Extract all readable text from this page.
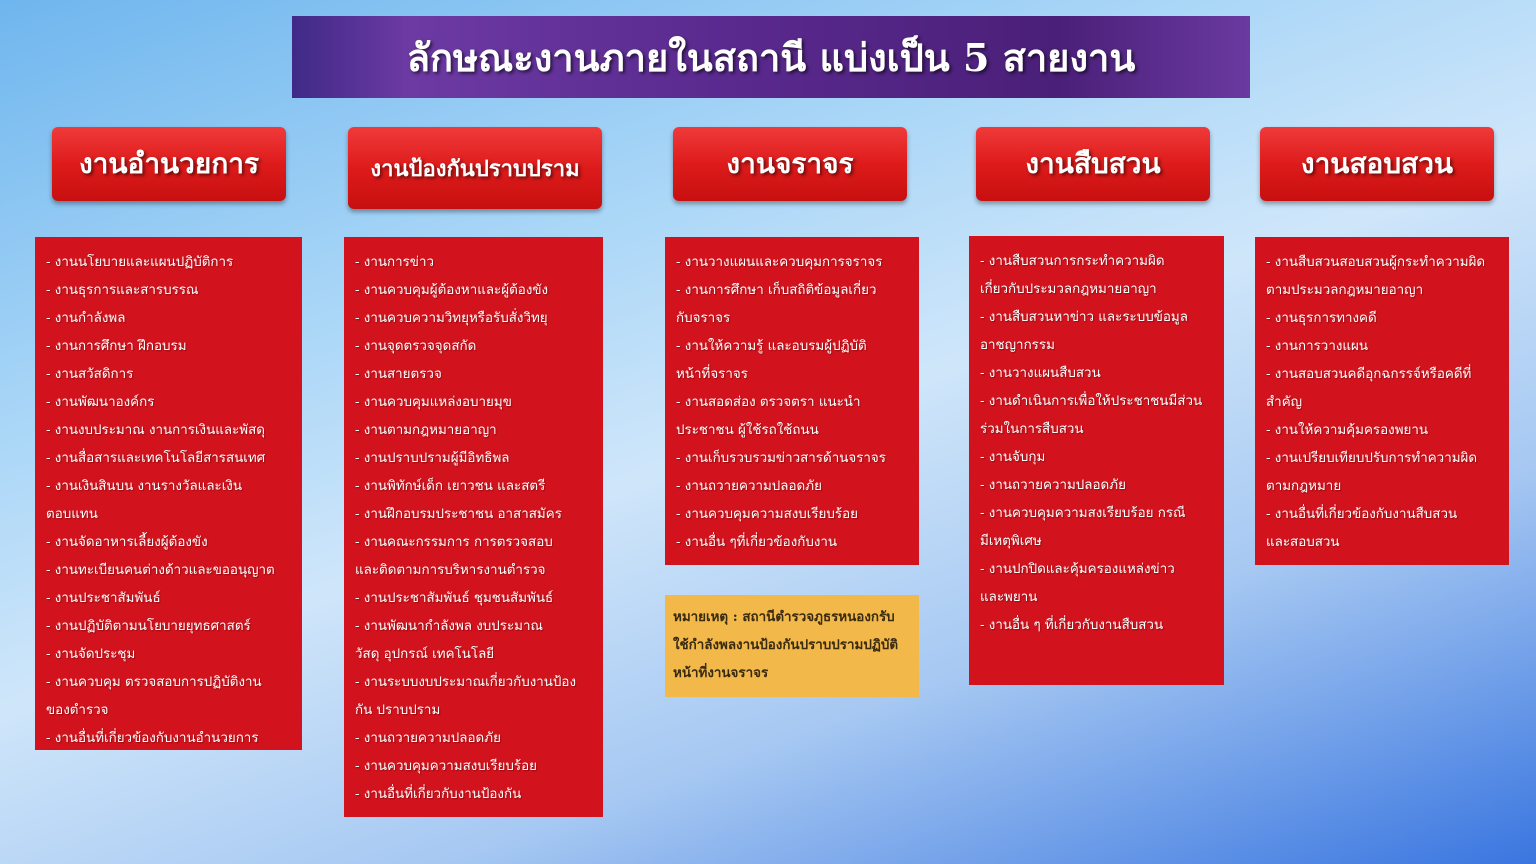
ลักษณะงานภายในสถานี แบ่งเป็น 5 สายงาน
งานอำนวยการ	งานป้องกันปราบปราม	งานจราจร	งานสืบสวน	งานสอบสวน
- งานนโยบายและแผนปฏิบัติการ
- งานธุรการและสารบรรณ
- งานกำลังพล
- งานการศึกษา ฝึกอบรม
- งานสวัสดิการ
- งานพัฒนาองค์กร
- งานงบประมาณ งานการเงินและพัสดุ
- งานสื่อสารและเทคโนโลยีสารสนเทศ
- งานเงินสินบน งานรางวัลและเงินตอบแทน
- งานจัดอาหารเลี้ยงผู้ต้องขัง
- งานทะเบียนคนต่างด้าวและขออนุญาต
- งานประชาสัมพันธ์
- งานปฏิบัติตามนโยบายยุทธศาสตร์
- งานจัดประชุม
- งานควบคุม ตรวจสอบการปฏิบัติงาน
ของตำรวจ
- งานอื่นที่เกี่ยวข้องกับงานอำนวยการ
- งานการข่าว
- งานควบคุมผู้ต้องหาและผู้ต้องขัง
- งานควบความวิทยุหรือรับสั่งวิทยุ
- งานจุดตรวจจุดสกัด
- งานสายตรวจ
- งานควบคุมแหล่งอบายมุข
- งานตามกฎหมายอาญา
- งานปราบปรามผู้มีอิทธิพล
- งานพิทักษ์เด็ก เยาวชน และสตรี
- งานฝึกอบรมประชาชน อาสาสมัคร
- งานคณะกรรมการ การตรวจสอบ
และติดตามการบริหารงานตำรวจ
- งานประชาสัมพันธ์ ชุมชนสัมพันธ์
- งานพัฒนากำลังพล งบประมาณ
วัสดุ อุปกรณ์ เทคโนโลยี
- งานระบบงบประมาณเกี่ยวกับงานป้อง
กัน ปราบปราม
- งานถวายความปลอดภัย
- งานควบคุมความสงบเรียบร้อย
- งานอื่นที่เกี่ยวกับงานป้องกัน
- งานวางแผนและควบคุมการจราจร
- งานการศึกษา เก็บสถิติข้อมูลเกี่ยว
กับจราจร
- งานให้ความรู้ และอบรมผู้ปฏิบัติ
หน้าที่จราจร
- งานสอดส่อง ตรวจตรา แนะนำ
ประชาชน ผู้ใช้รถใช้ถนน
- งานเก็บรวบรวมข่าวสารด้านจราจร
- งานถวายความปลอดภัย
- งานควบคุมความสงบเรียบร้อย
- งานอื่น ๆที่เกี่ยวข้องกับงาน
- งานสืบสวนการกระทำความผิด
เกี่ยวกับประมวลกฎหมายอาญา
- งานสืบสวนหาข่าว และระบบข้อมูล
อาชญากรรม
- งานวางแผนสืบสวน
- งานดำเนินการเพื่อให้ประชาชนมีส่วน
ร่วมในการสืบสวน
- งานจับกุม
- งานถวายความปลอดภัย
- งานควบคุมความสงเรียบร้อย กรณี
มีเหตุพิเศษ
- งานปกปิดและคุ้มครองแหล่งข่าว
และพยาน
- งานอื่น ๆ ที่เกี่ยวกับงานสืบสวน
- งานสืบสวนสอบสวนผู้กระทำความผิด
ตามประมวลกฎหมายอาญา
- งานธุรการทางคดี
- งานการวางแผน
- งานสอบสวนคดีอุกฉกรรจ์หรือคดีที่
สำคัญ
- งานให้ความคุ้มครองพยาน
- งานเปรียบเทียบปรับการทำความผิด
ตามกฎหมาย
- งานอื่นที่เกี่ยวข้องกับงานสืบสวน
และสอบสวน
หมายเหตุ : สถานีตำรวจภูธรหนองกรับ
ใช้กำลังพลงานป้องกันปราบปรามปฏิบัติ
หน้าที่งานจราจร
